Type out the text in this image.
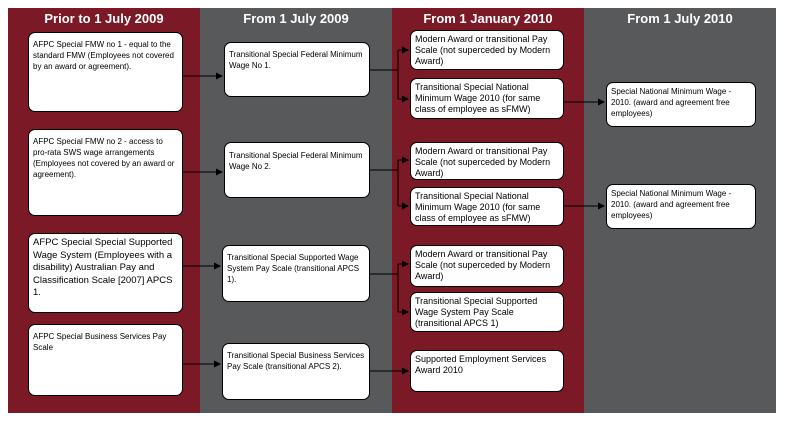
Prior to 1 July 2009	From 1 July 2009	From 1 January 2010	From 1 July 2010
AFPC Special FMW no 1 - equal to the standard FMW (Employees not covered by an award or agreement).
AFPC Special FMW no 2 - access to pro-rata SWS wage arrangements (Employees not covered by an award or agreement).
AFPC Special Special Supported Wage System (Employees with a disability) Australian Pay and Classification Scale [2007] APCS 1.
AFPC Special Business Services Pay Scale
Transitional Special Federal Minimum Wage No 1.
Transitional Special Federal Minimum Wage No 2.
Transitional Special Supported Wage System Pay Scale (transitional APCS 1).
Transitional Special Business Services Pay Scale (transitional APCS 2).
Modern Award or transitional Pay Scale (not superceded by Modern Award)
Transitional Special National Minimum Wage 2010 (for same class of employee as sFMW)
Modern Award or transitional Pay Scale (not superceded by Modern Award)
Transitional Special National Minimum Wage 2010 (for same class of employee as sFMW)
Modern Award or transitional Pay Scale (not superceded by Modern Award)
Transitional Special Supported Wage System Pay Scale (transitional APCS 1)
Supported Employment Services Award 2010
Special National Minimum Wage - 2010. (award and agreement free employees)
Special National Minimum Wage - 2010. (award and agreement free employees)
